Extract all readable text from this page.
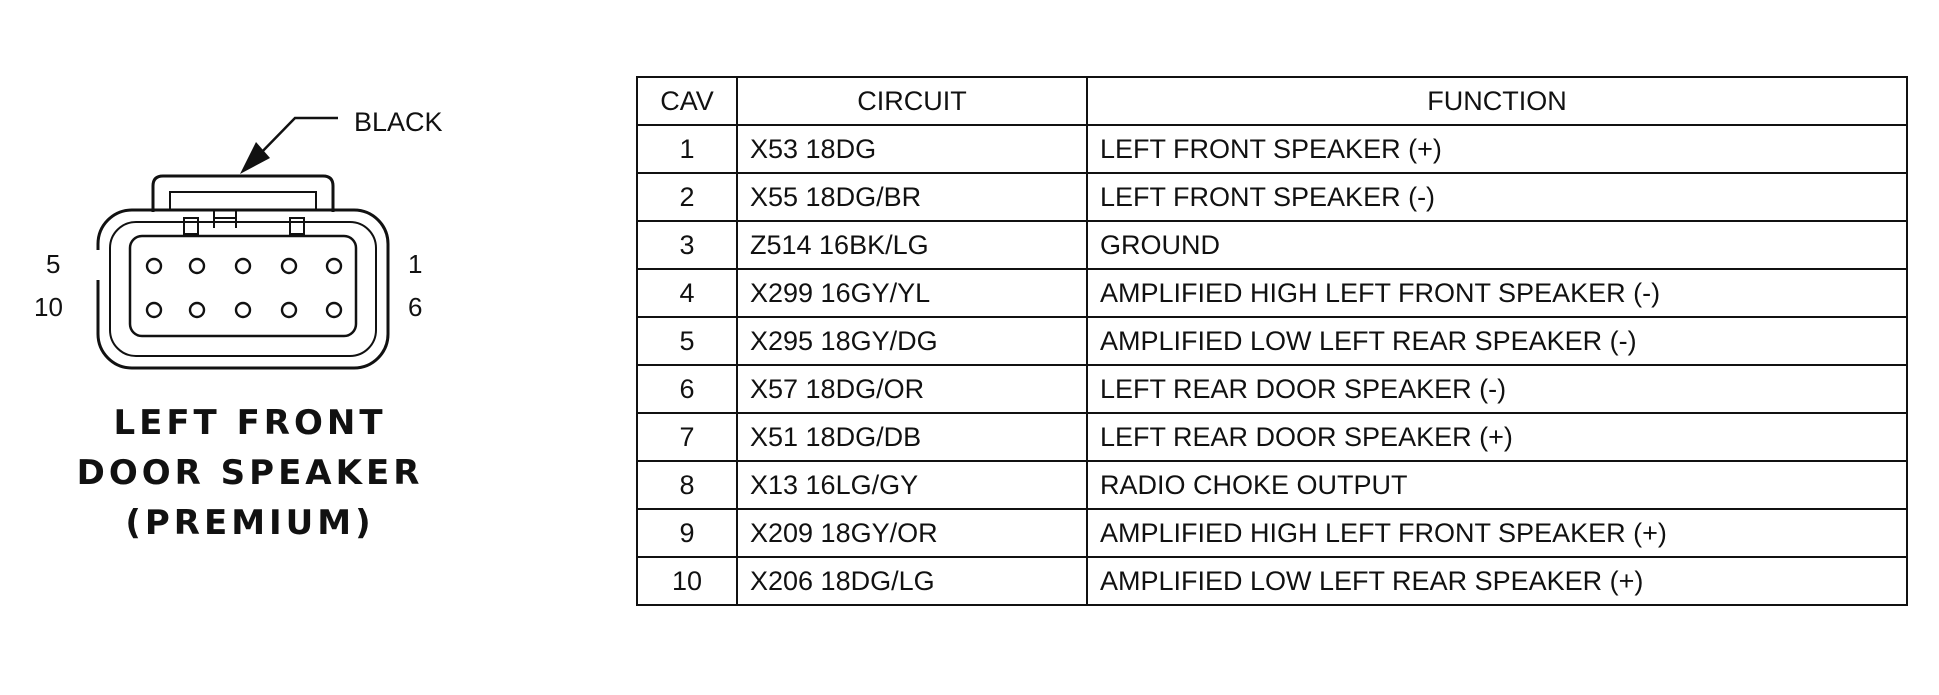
BLACK
5
10
1
6
LEFT FRONT
DOOR SPEAKER
(PREMIUM)
CAV	CIRCUIT	FUNCTION
1	X53 18DG	LEFT FRONT SPEAKER (+)
2	X55 18DG/BR	LEFT FRONT SPEAKER (-)
3	Z514 16BK/LG	GROUND
4	X299 16GY/YL	AMPLIFIED HIGH LEFT FRONT SPEAKER (-)
5	X295 18GY/DG	AMPLIFIED LOW LEFT REAR SPEAKER (-)
6	X57 18DG/OR	LEFT REAR DOOR SPEAKER (-)
7	X51 18DG/DB	LEFT REAR DOOR SPEAKER (+)
8	X13 16LG/GY	RADIO CHOKE OUTPUT
9	X209 18GY/OR	AMPLIFIED HIGH LEFT FRONT SPEAKER (+)
10	X206 18DG/LG	AMPLIFIED LOW LEFT REAR SPEAKER (+)
